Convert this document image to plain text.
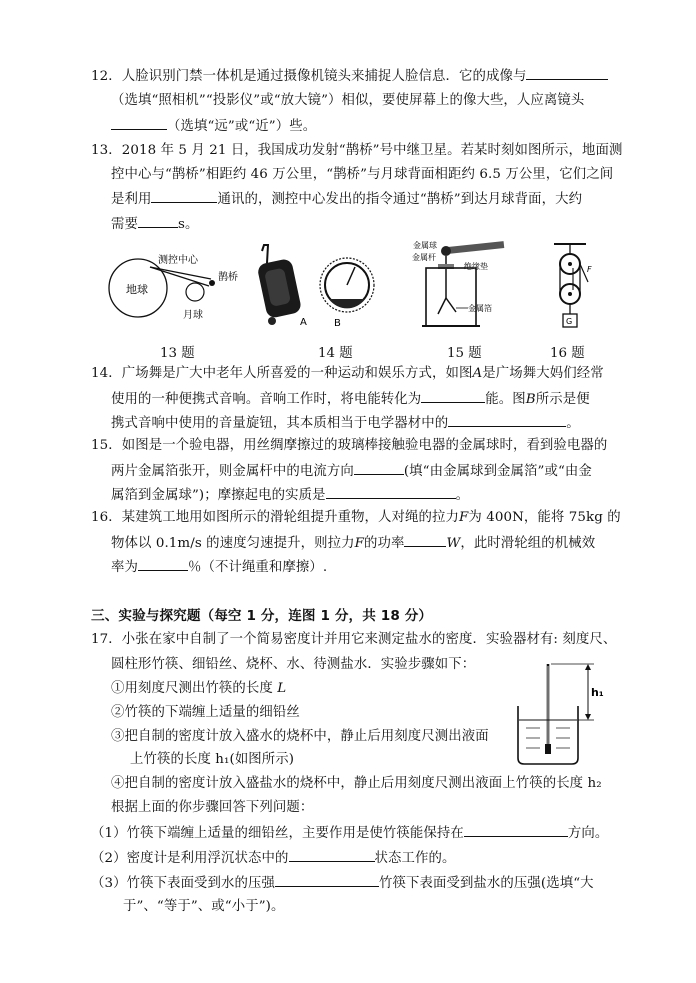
12．人脸识别门禁一体机是通过摄像机镜头来捕捉人脸信息．它的成像与
（选填“照相机”“投影仪”或“放大镜”）相似，要使屏幕上的像大些，人应离镜头
（选填“远”或“近”）些。
13．2018 年 5 月 21 日，我国成功发射“鹊桥”号中继卫星。若某时刻如图所示，地面测
控中心与“鹊桥”相距约 46 万公里，“鹊桥”与月球背面相距约 6.5 万公里，它们之间
是利用	通讯的，测控中心发出的指令通过“鹊桥”到达月球背面，大约
需要	s。
地球
测控中心
月球
鹊桥
A	B
金属球
金属杆
绝缘垫
金属箔
F
G
13 题	14 题	15 题	16 题
14．广场舞是广大中老年人所喜爱的一种运动和娱乐方式，如图A是广场舞大妈们经常
使用的一种便携式音响。音响工作时，将电能转化为	能。图B所示是便
携式音响中使用的音量旋钮，其本质相当于电学器材中的	。
15．如图是一个验电器，用丝绸摩擦过的玻璃棒接触验电器的金属球时，看到验电器的
两片金属箔张开，则金属杆中的电流方向	(填“由金属球到金属箔”或“由金
属箔到金属球”)；摩擦起电的实质是	。
16．某建筑工地用如图所示的滑轮组提升重物，人对绳的拉力F为 400N，能将 75kg 的
物体以 0.1m/s 的速度匀速提升，则拉力F的功率	W，此时滑轮组的机械效
率为	％（不计绳重和摩擦）.
三、实验与探究题（每空 1 分，连图 1 分，共 18 分）
17．小张在家中自制了一个简易密度计并用它来测定盐水的密度．实验器材有: 刻度尺、
圆柱形竹筷、细铅丝、烧杯、水、待测盐水．实验步骤如下：
①用刻度尺测出竹筷的长度 L
②竹筷的下端缠上适量的细铅丝
③把自制的密度计放入盛水的烧杯中，静止后用刻度尺测出液面
上竹筷的长度 h₁(如图所示)
h₁
④把自制的密度计放入盛盐水的烧杯中，静止后用刻度尺测出液面上竹筷的长度 h₂
根据上面的你步骤回答下列问题：
（1）竹筷下端缠上适量的细铅丝，主要作用是使竹筷能保持在	方向。
（2）密度计是利用浮沉状态中的	状态工作的。
（3）竹筷下表面受到水的压强	竹筷下表面受到盐水的压强(选填“大
于”、“等于”、或“小于”)。
